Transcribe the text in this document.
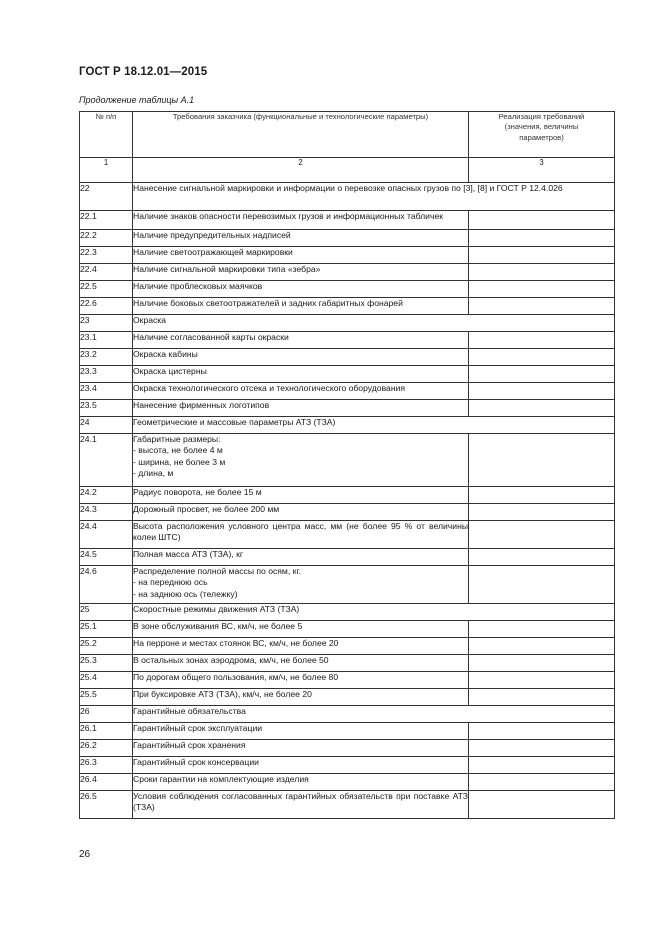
ГОСТ Р 18.12.01—2015
Продолжение таблицы А.1
№ п/п	Требования заказчика (функциональные и технологические параметры)	Реализация требований (значения, величины параметров)

1	2	3
22	Нанесение сигнальной маркировки и информации о перевозке опасных грузов по [3], [8] и ГОСТ Р 12.4.026	

22.1	Наличие знаков опасности перевозимых грузов и информационных табличек	

22.2	Наличие предупредительных надписей	

22.3	Наличие светоотражающей маркировки	

22.4	Наличие сигнальной маркировки типа «зебра»	

22.5	Наличие проблесковых маячков	

22.6	Наличие боковых светоотражателей и задних габаритных фонарей	

23	Окраска	

23.1	Наличие согласованной карты окраски	

23.2	Окраска кабины	

23.3	Окраска цистерны	

23.4	Окраска технологического отсека и технологического оборудования	

23.5	Нанесение фирменных логотипов	

24	Геометрические и массовые параметры АТЗ (ТЗА)	

24.1	Габаритные размеры:
- высота, не более 4 м
- ширина, не более 3 м
- длина, м	

24.2	Радиус поворота, не более 15 м	

24.3	Дорожный просвет, не более 200 мм	

24.4	Высота расположения условного центра масс, мм (не более 95 % от величины колеи ШТС)	

24.5	Полная масса АТЗ (ТЗА), кг	

24.6	Распределение полной массы по осям, кг.
- на переднюю ось
- на заднюю ось (тележку)	

25	Скоростные режимы движения АТЗ (ТЗА)	

25.1	В зоне обслуживания ВС, км/ч, не более 5	

25.2	На перроне и местах стоянок ВС, км/ч, не более 20	

25.3	В остальных зонах аэродрома, км/ч, не более 50	

25.4	По дорогам общего пользования, км/ч, не более 80	

25.5	При буксировке АТЗ (ТЗА), км/ч, не более 20	

26	Гарантийные обязательства	

26.1	Гарантийный срок эксплуатации	

26.2	Гарантийный срок хранения	

26.3	Гарантийный срок консервации	

26.4	Сроки гарантии на комплектующие изделия	

26.5	Условия соблюдения согласованных гарантийных обязательств при поставке АТЗ (ТЗА)	

26
